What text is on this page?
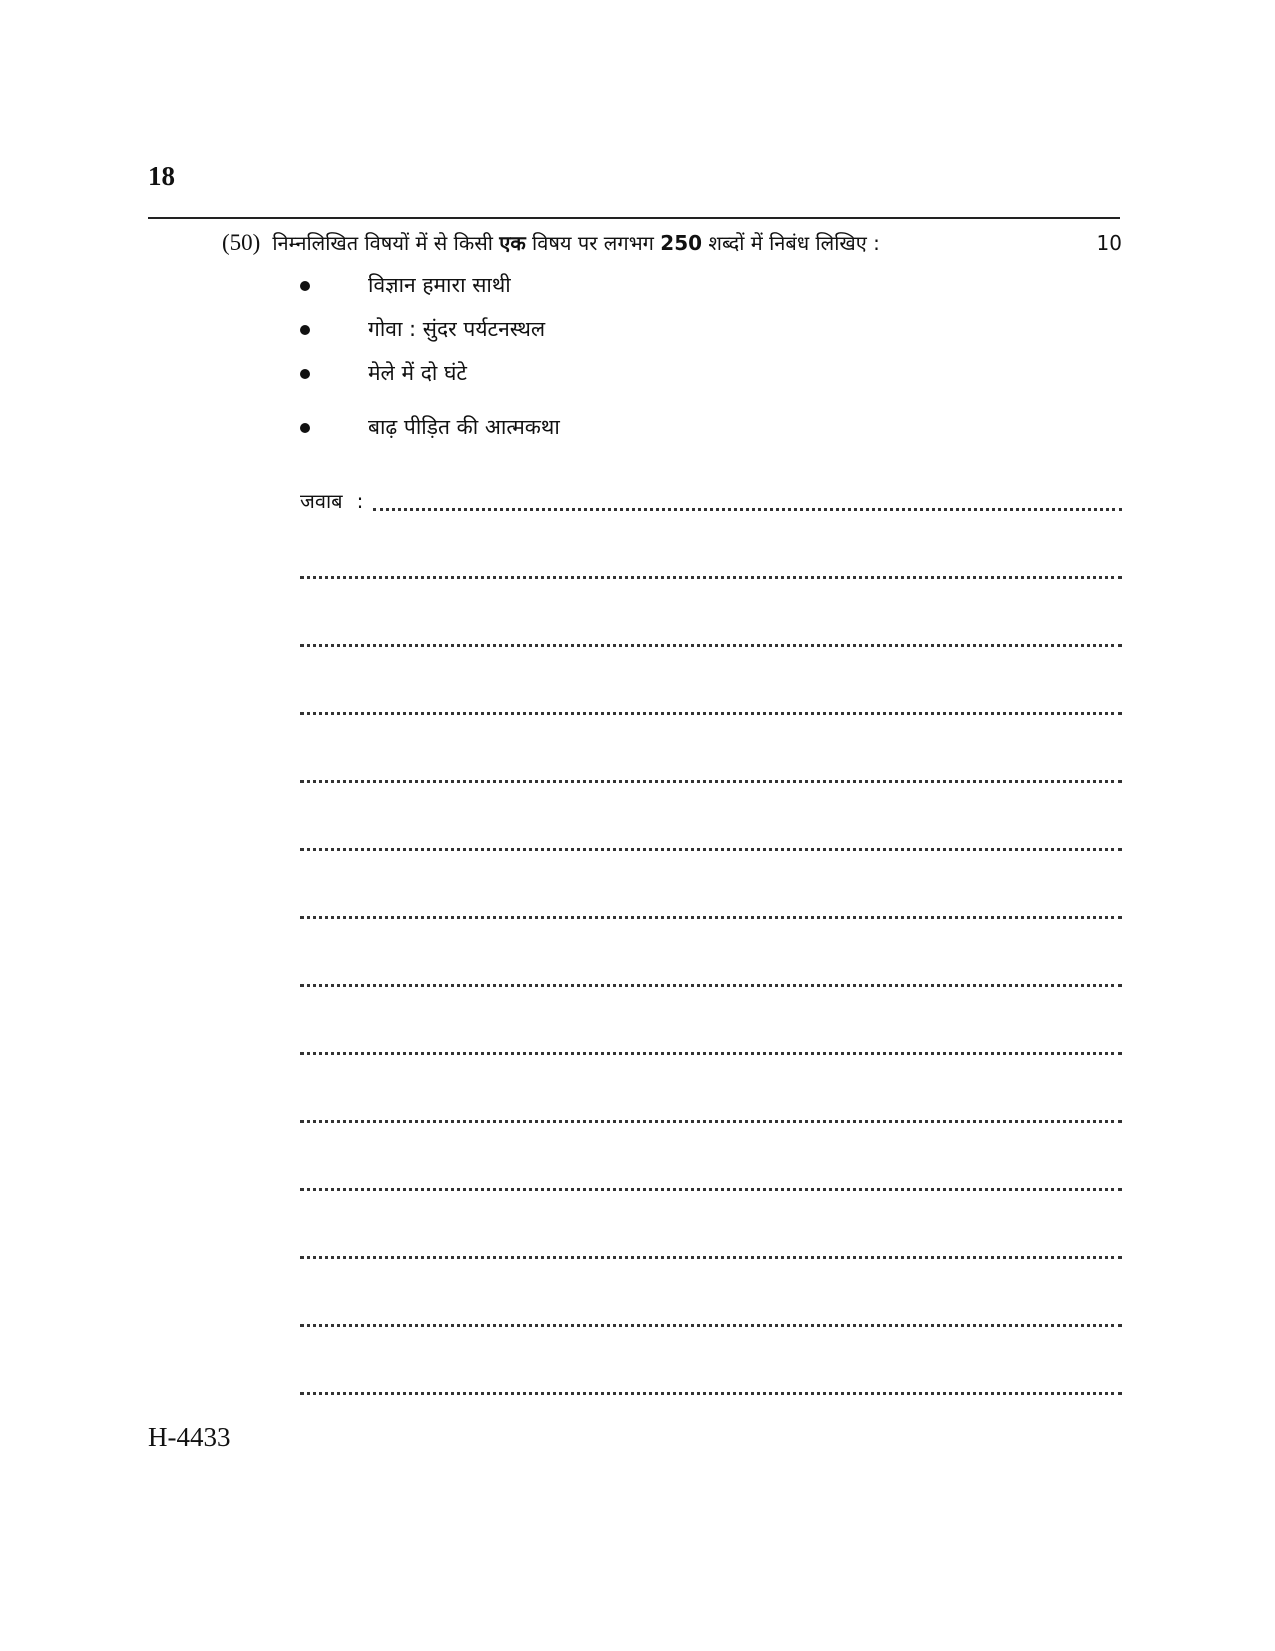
18
(50) निम्नलिखित विषयों में से किसी एक विषय पर लगभग 250 शब्दों में निबंध लिखिए :	10
विज्ञान हमारा साथी
गोवा : सुंदर पर्यटनस्थल
मेले में दो घंटे
बाढ़ पीड़ित की आत्मकथा
जवाब :
H-4433
